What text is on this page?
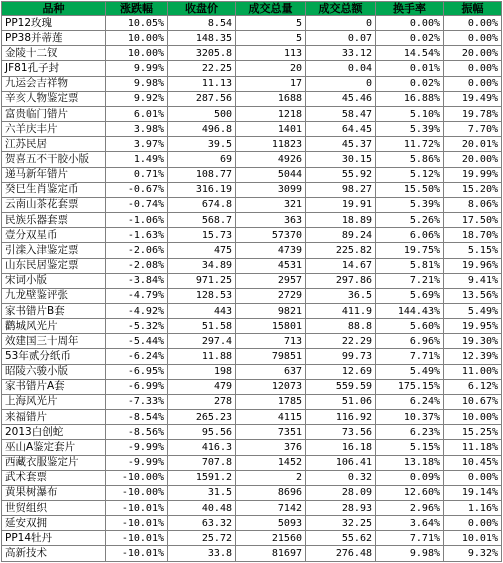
品种	涨跌幅	收盘价	成交总量	成交总额	换手率	振幅
PP12玫瑰	10.05%	8.54	5	0	0.00%	0.00%
PP38并蒂莲	10.00%	148.35	5	0.07	0.02%	0.00%
金陵十二钗	10.00%	3205.8	113	33.12	14.54%	20.00%
JF81孔子封	9.99%	22.25	20	0.04	0.01%	0.00%
九运会吉祥物	9.98%	11.13	17	0	0.02%	0.00%
辛亥人物鉴定票	9.92%	287.56	1688	45.46	16.88%	19.49%
富贵临门错片	6.01%	500	1218	58.47	5.10%	19.78%
六羊庆丰片	3.98%	496.8	1401	64.45	5.39%	7.70%
江苏民居	3.97%	39.5	11823	45.37	11.72%	20.01%
贺喜五不干胶小版	1.49%	69	4926	30.15	5.86%	20.00%
递马新年错片	0.71%	108.77	5044	55.92	5.12%	19.99%
癸巳生肖鉴定币	-0.67%	316.19	3099	98.27	15.50%	15.20%
云南山茶花套票	-0.74%	674.8	321	19.91	5.39%	8.06%
民族乐器套票	-1.06%	568.7	363	18.89	5.26%	17.50%
壹分双星币	-1.63%	15.73	57370	89.24	6.06%	18.70%
引滦入津鉴定票	-2.06%	475	4739	225.82	19.75%	5.15%
山东民居鉴定票	-2.08%	34.89	4531	14.67	5.81%	19.96%
宋词小版	-3.84%	971.25	2957	297.86	7.21%	9.41%
九龙壁鉴评张	-4.79%	128.53	2729	36.5	5.69%	13.56%
家书错片B套	-4.92%	443	9821	411.9	144.43%	5.49%
鹳城风光片	-5.32%	51.58	15801	88.8	5.60%	19.95%
效建国三十周年	-5.44%	297.4	713	22.29	6.96%	19.30%
53年贰分纸币	-6.24%	11.88	79851	99.73	7.71%	12.39%
昭陵六骏小版	-6.95%	198	637	12.69	5.49%	11.00%
家书错片A套	-6.99%	479	12073	559.59	175.15%	6.12%
上海风光片	-7.33%	278	1785	51.06	6.24%	10.67%
来福错片	-8.54%	265.23	4115	116.92	10.37%	10.00%
2013白创蛇	-8.56%	95.56	7351	73.56	6.23%	15.25%
巫山A鉴定套片	-9.99%	416.3	376	16.18	5.15%	11.18%
西藏衣服鉴定片	-9.99%	707.8	1452	106.41	13.18%	10.45%
武术套票	-10.00%	1591.2	2	0.32	0.09%	0.00%
黄果树瀑布	-10.00%	31.5	8696	28.09	12.60%	19.14%
世贸组织	-10.01%	40.48	7142	28.93	2.96%	1.16%
延安双拥	-10.01%	63.32	5093	32.25	3.64%	0.00%
PP14牡丹	-10.01%	25.72	21560	55.62	7.71%	10.01%
高新技术	-10.01%	33.8	81697	276.48	9.98%	9.32%
